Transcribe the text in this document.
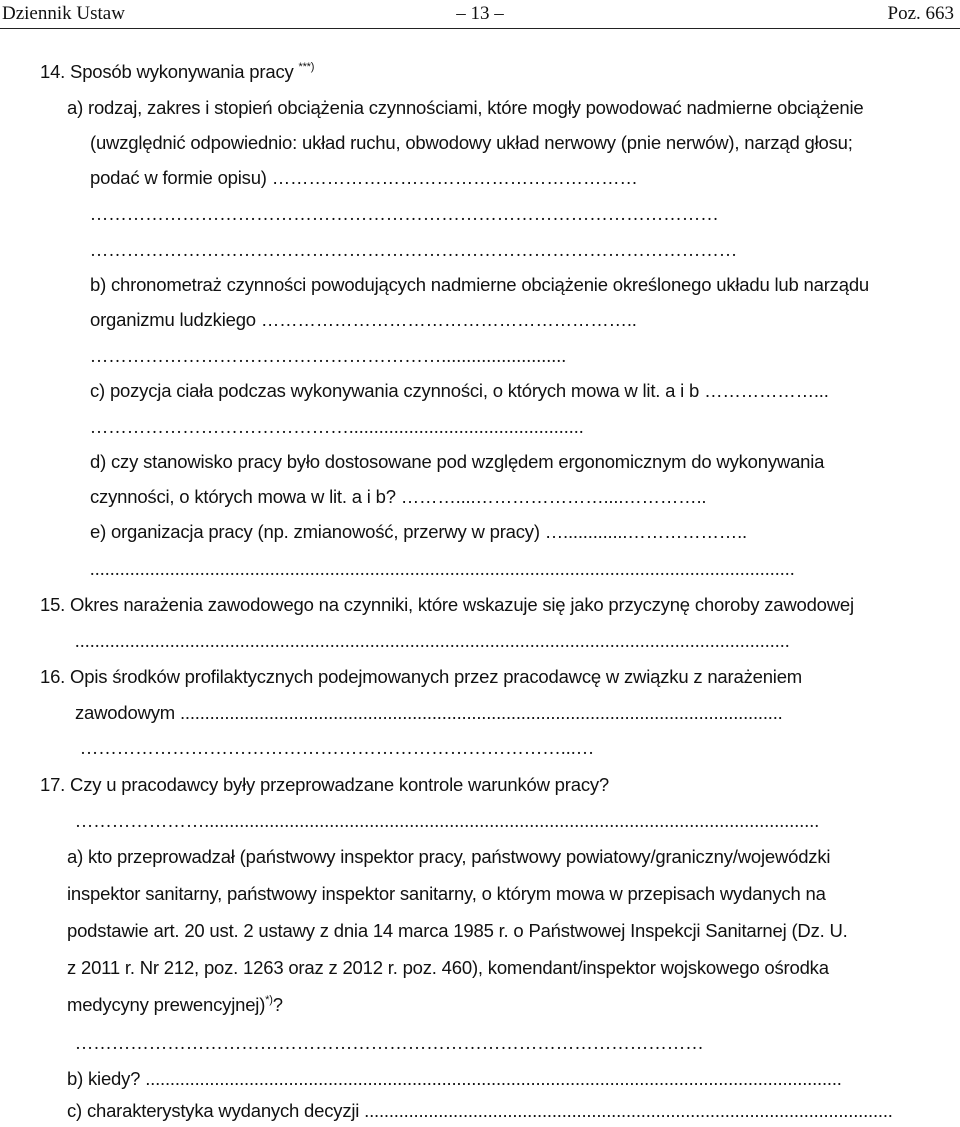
Dziennik Ustaw	– 13 –	Poz. 663
14. Sposób wykonywania pracy ***)
a) rodzaj, zakres i stopień obciążenia czynnościami, które mogły powodować nadmierne obciążenie
(uwzględnić odpowiednio: układ ruchu, obwodowy układ nerwowy (pnie nerwów), narząd głosu;
podać w formie opisu) ……………………………………………………
…………………………………………………………………………………………
……………………………………………………………………………………………
b) chronometraż czynności powodujących nadmierne obciążenie określonego układu lub narządu
organizmu ludzkiego ……………………………………………………..
………………………………………………….........................
c) pozycja ciała podczas wykonywania czynności, o których mowa w lit. a i b ………………...
……………………………………...............................................
d) czy stanowisko pracy było dostosowane pod względem ergonomicznym do wykonywania
czynności, o których mowa w lit. a i b? ………....…………………....…………..
e) organizacja pracy (np. zmianowość, przerwy w pracy) ….............………………..
.............................................................................................................................................
15. Okres narażenia zawodowego na czynniki, które wskazuje się jako przyczynę choroby zawodowej
...............................................................................................................................................
16. Opis środków profilaktycznych podejmowanych przez pracodawcę w związku z narażeniem
zawodowym ..........................................................................................................................
……………………………………………………………………...…
17. Czy u pracodawcy były przeprowadzane kontrole warunków pracy?
…………………...........................................................................................................................
a) kto przeprowadzał (państwowy inspektor pracy, państwowy powiatowy/graniczny/wojewódzki
inspektor sanitarny, państwowy inspektor sanitarny, o którym mowa w przepisach wydanych na
podstawie art. 20 ust. 2 ustawy z dnia 14 marca 1985 r. o Państwowej Inspekcji Sanitarnej (Dz. U.
z 2011 r. Nr 212, poz. 1263 oraz z 2012 r. poz. 460), komendant/inspektor wojskowego ośrodka
medycyny prewencyjnej)*)?
…………………………………………………………………………………………
b) kiedy? .............................................................................................................................................
c) charakterystyka wydanych decyzji ...........................................................................................................
